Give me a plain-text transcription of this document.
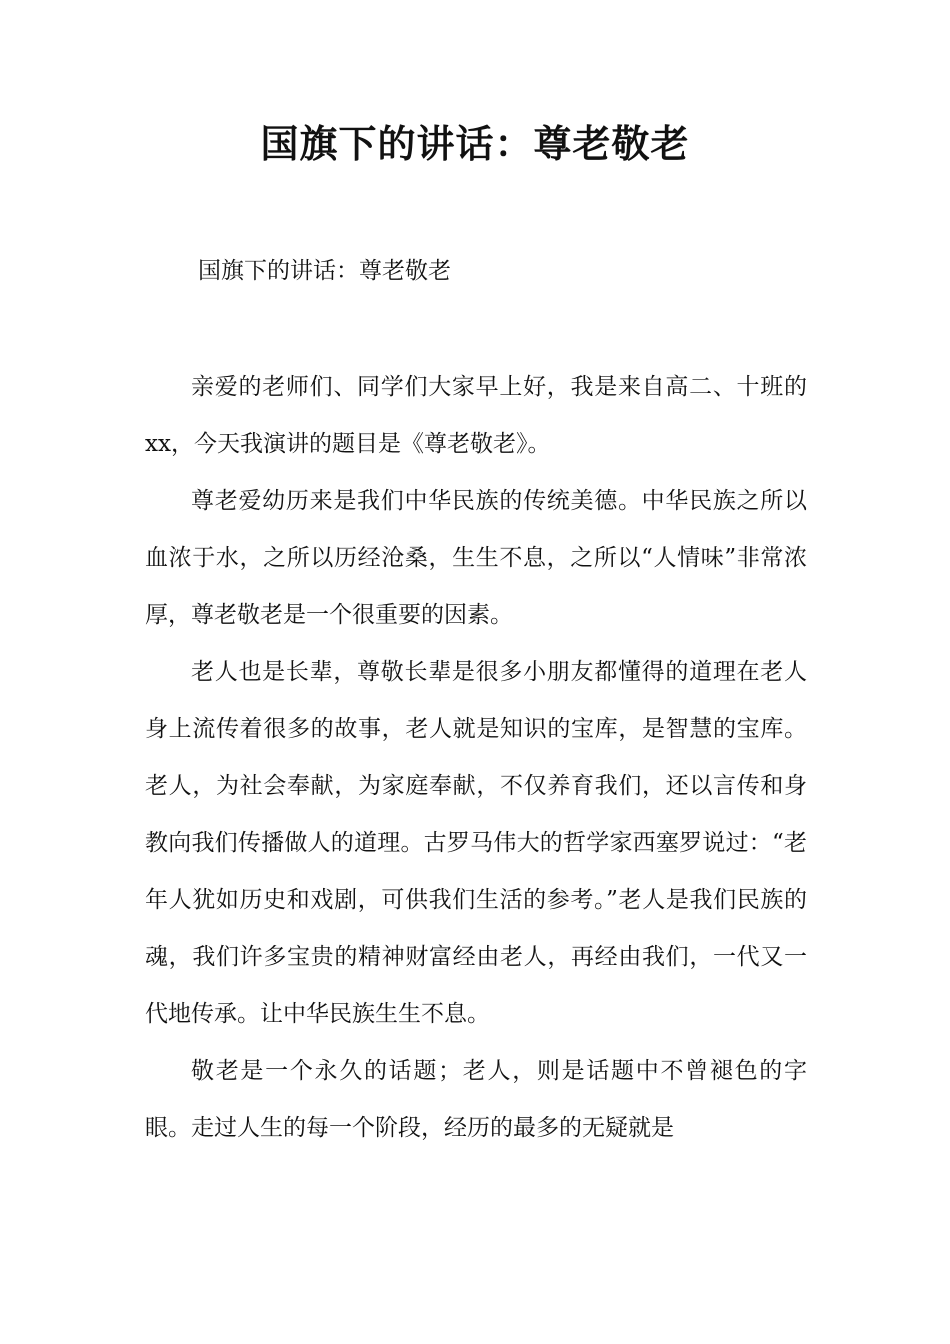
国旗下的讲话：尊老敬老

国旗下的讲话：尊老敬老

亲爱的老师们、同学们大家早上好，我是来自高二、十班的xx，今天我演讲的题目是《尊老敬老》。

尊老爱幼历来是我们中华民族的传统美德。中华民族之所以血浓于水，之所以历经沧桑，生生不息，之所以“人情味”非常浓厚，尊老敬老是一个很重要的因素。

老人也是长辈，尊敬长辈是很多小朋友都懂得的道理在老人身上流传着很多的故事，老人就是知识的宝库，是智慧的宝库。老人，为社会奉献，为家庭奉献，不仅养育我们，还以言传和身教向我们传播做人的道理。古罗马伟大的哲学家西塞罗说过：“老年人犹如历史和戏剧，可供我们生活的参考。”老人是我们民族的魂，我们许多宝贵的精神财富经由老人，再经由我们，一代又一代地传承。让中华民族生生不息。

敬老是一个永久的话题；老人，则是话题中不曾褪色的字眼。走过人生的每一个阶段，经历的最多的无疑就是
